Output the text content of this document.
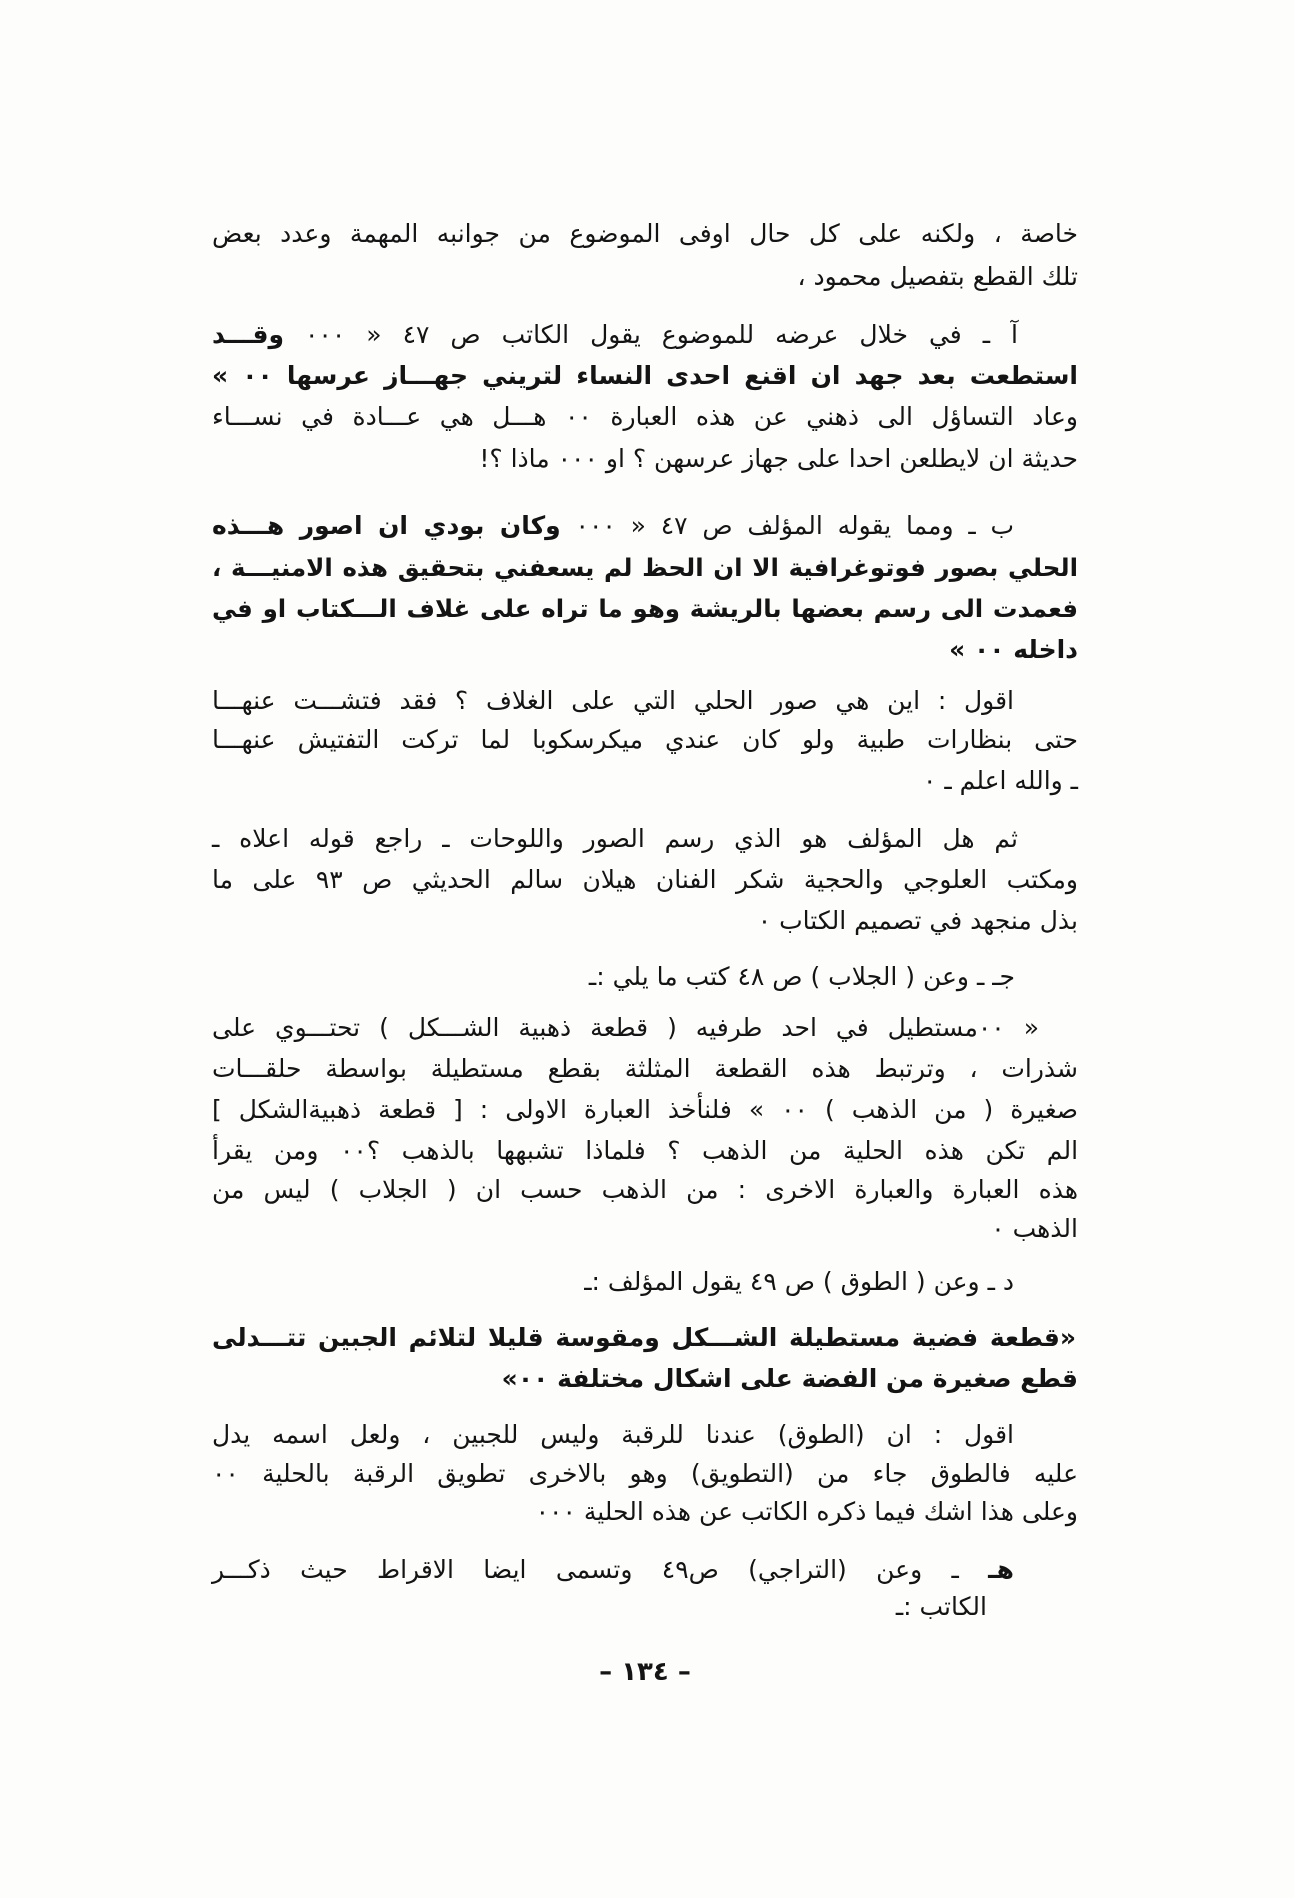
خاصة ، ولكنه على كل حال اوفى الموضوع من جوانبه المهمة وعدد بعض
تلك القطع بتفصيل محمود ،
آ ـ في خلال عرضه للموضوع يقول الكاتب ص ٤٧ « ٠٠٠ وقـــد
استطعت بعد جهد ان اقنع احدى النساء لتريني جهـــاز عرسها ٠٠ »
وعاد التساؤل الى ذهني عن هذه العبارة ٠٠ هـــل هي عـــادة في نســـاء
حديثة ان لايطلعن احدا على جهاز عرسهن ؟ او ٠٠٠ ماذا ؟!
ب ـ ومما يقوله المؤلف ص ٤٧ « ٠٠٠ وكان بودي ان اصور هـــذه
الحلي بصور فوتوغرافية الا ان الحظ لم يسعفني بتحقيق هذه الامنيـــة ،
فعمدت الى رسم بعضها بالريشة وهو ما تراه على غلاف الـــكتاب او في
داخله ٠٠ »
اقول : اين هي صور الحلي التي على الغلاف ؟ فقد فتشـــت عنهـــا
حتى بنظارات طبية ولو كان عندي ميكرسكوبا لما تركت التفتيش عنهـــا
ـ والله اعلم ـ ٠
ثم هل المؤلف هو الذي رسم الصور واللوحات ـ راجع قوله اعلاه ـ
ومكتب العلوجي والحجية شكر الفنان هيلان سالم الحديثي ص ٩٣ على ما
بذل منجهد في تصميم الكتاب ٠
جـ ـ وعن ( الجلاب ) ص ٤٨ كتب ما يلي :ـ
« ٠٠مستطيل في احد طرفيه ( قطعة ذهبية الشـــكل ) تحتـــوي على
شذرات ، وترتبط هذه القطعة المثلثة بقطع مستطيلة بواسطة حلقـــات
صغيرة ( من الذهب ) ٠٠ » فلنأخذ العبارة الاولى : [ قطعة ذهبيةالشكل ]
الم تكن هذه الحلية من الذهب ؟ فلماذا تشبهها بالذهب ؟٠٠ ومن يقرأ
هذه العبارة والعبارة الاخرى : من الذهب حسب ان ( الجلاب ) ليس من
الذهب ٠
د ـ وعن ( الطوق ) ص ٤٩ يقول المؤلف :ـ
«قطعة فضية مستطيلة الشـــكل ومقوسة قليلا لتلائم الجبين تتـــدلى
قطع صغيرة من الفضة على اشكال مختلفة ٠٠»
اقول : ان (الطوق) عندنا للرقبة وليس للجبين ، ولعل اسمه يدل
عليه فالطوق جاء من (التطويق) وهو بالاخرى تطويق الرقبة بالحلية ٠٠
وعلى هذا اشك فيما ذكره الكاتب عن هذه الحلية ٠٠٠
هـ ـ وعن (التراجي) ص٤٩ وتسمى ايضا الاقراط حيث ذكـــر
الكاتب :ـ
– ١٣٤ –
